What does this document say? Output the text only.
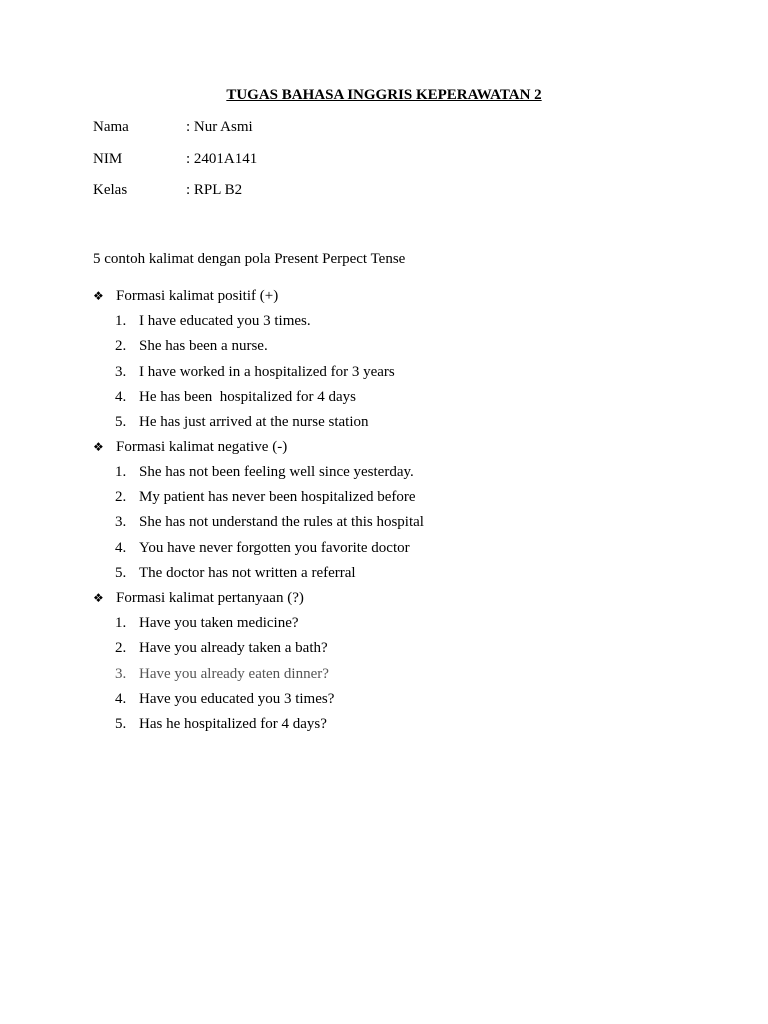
TUGAS BAHASA INGGRIS KEPERAWATAN 2
Nama	: Nur Asmi
NIM	: 2401A141
Kelas	: RPL B2
5 contoh kalimat dengan pola Present Perpect Tense
❖ Formasi kalimat positif (+)
1. I have educated you 3 times.
2. She has been a nurse.
3. I have worked in a hospitalized for 3 years
4. He has been  hospitalized for 4 days
5. He has just arrived at the nurse station
❖ Formasi kalimat negative (-)
1. She has not been feeling well since yesterday.
2. My patient has never been hospitalized before
3. She has not understand the rules at this hospital
4. You have never forgotten you favorite doctor
5. The doctor has not written a referral
❖ Formasi kalimat pertanyaan (?)
1. Have you taken medicine?
2. Have you already taken a bath?
3. Have you already eaten dinner?
4. Have you educated you 3 times?
5. Has he hospitalized for 4 days?
